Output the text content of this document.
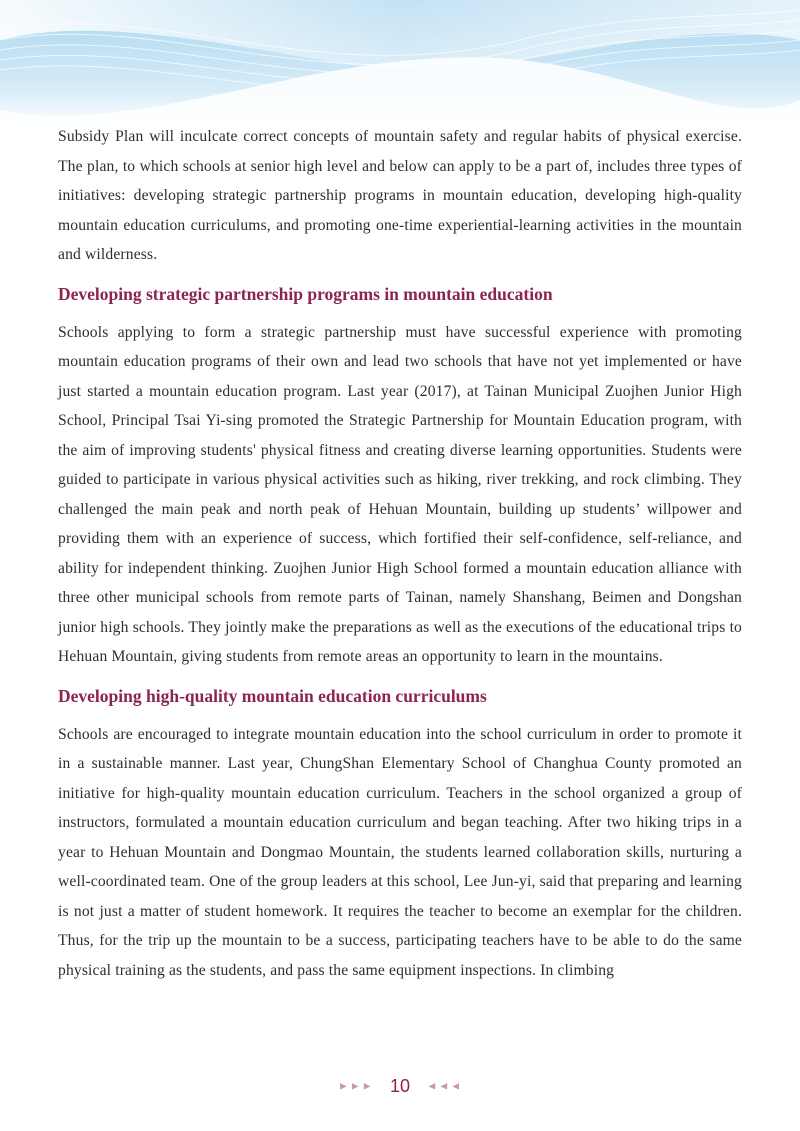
Subsidy Plan will inculcate correct concepts of mountain safety and regular habits of physical exercise. The plan, to which schools at senior high level and below can apply to be a part of, includes three types of initiatives: developing strategic partnership programs in mountain education, developing high-quality mountain education curriculums, and promoting one-time experiential-learning activities in the mountain and wilderness.

Developing strategic partnership programs in mountain education

Schools applying to form a strategic partnership must have successful experience with promoting mountain education programs of their own and lead two schools that have not yet implemented or have just started a mountain education program. Last year (2017), at Tainan Municipal Zuojhen Junior High School, Principal Tsai Yi-sing promoted the Strategic Partnership for Mountain Education program, with the aim of improving students' physical fitness and creating diverse learning opportunities. Students were guided to participate in various physical activities such as hiking, river trekking, and rock climbing. They challenged the main peak and north peak of Hehuan Mountain, building up students’ willpower and providing them with an experience of success, which fortified their self-confidence, self-reliance, and ability for independent thinking. Zuojhen Junior High School formed a mountain education alliance with three other municipal schools from remote parts of Tainan, namely Shanshang, Beimen and Dongshan junior high schools. They jointly make the preparations as well as the executions of the educational trips to Hehuan Mountain, giving students from remote areas an opportunity to learn in the mountains.

Developing high-quality mountain education curriculums

Schools are encouraged to integrate mountain education into the school curriculum in order to promote it in a sustainable manner. Last year, ChungShan Elementary School of Changhua County promoted an initiative for high-quality mountain education curriculum. Teachers in the school organized a group of instructors, formulated a mountain education curriculum and began teaching. After two hiking trips in a year to Hehuan Mountain and Dongmao Mountain, the students learned collaboration skills, nurturing a well-coordinated team. One of the group leaders at this school, Lee Jun-yi, said that preparing and learning is not just a matter of student homework. It requires the teacher to become an exemplar for the children. Thus, for the trip up the mountain to be a success, participating teachers have to be able to do the same physical training as the students, and pass the same equipment inspections. In climbing

►►► 10 ◄◄◄
